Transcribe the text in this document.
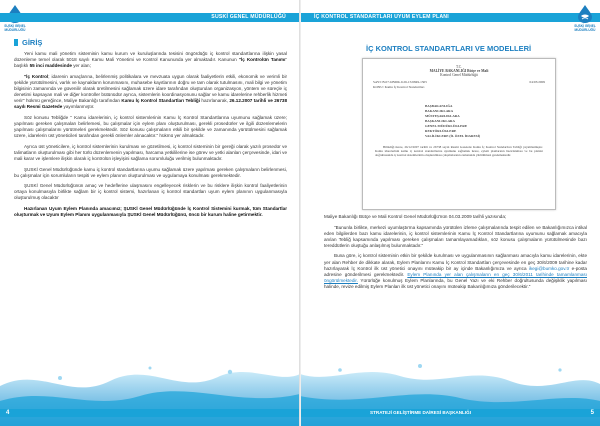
SUSKİ GENEL MÜDÜRLÜĞÜ
SUSKİ GENEL MÜDÜRLÜĞÜ
GİRİŞ

Yeni kamu mali yönetim sisteminin kamu kurum ve kuruluşlarında tesisini öngördüğü iç kontrol standartlarına ilişkin yasal düzenleme temel olarak 5018 sayılı Kamu Mali Yönetimi ve Kontrol Kanununda yer almaktadır. Kanunun "İç Kontrolün Tanımı" başlıklı 55 inci maddesinde yer alan;

"İç Kontrol; idarenin amaçlarına, belirlenmiş politikalara ve mevzuata uygun olarak faaliyetlerin etkili, ekonomik ve verimli bir şekilde yürütülmesini, varlık ve kaynakların korunmasını, muhasebe kayıtlarının doğru ve tam olarak tutulmasını, mali bilgi ve yönetim bilgisinin zamanında ve güvenilir olarak üretilmesini sağlamak üzere idare tarafından oluşturulan organizasyon, yöntem ve süreçle iç denetimi kapsayan mali ve diğer kontroller bütünüdür ayrıca, sistemlerin koordinasyonunu sağlar ve kamu idarelerine rehberlik hizmeti verir" hükmü gereğince, Maliye Bakanlığı tarafından Kamu İç Kontrol Standartları Tebliği hazırlanarak, 26.12.2007 tarihli ve 26738 sayılı Resmi Gazetede yayımlanmıştır.

Söz konusu Tebliğde " Kamu idarelerinin, iç kontrol sistemlerinin Kamu İç Kontrol Standartlarına uyumunu sağlamak üzere; yapılması gereken çalışmaları belirlemesi, bu çalışmalar için eylem planı oluşturulması, gerekli prosedürler ve ilgili düzenlemelerin yapılması çalışmalarını yürütmeleri gerekmektedir. Söz konusu çalışmaların etkili bir şekilde ve zamanında yürütülmesini sağlamak üzere, idarelerin üst yöneticileri tarafından gerekli önlemler alınacaktır." hükmü yer almaktadır.

Ayrıca üst yöneticilere, iç kontrol sistemlerinin kurulması ve gözetilmesi, iç kontrol sisteminin bir gereği olarak yazılı prosedür ve talimatların oluşturulması gibi her türlü düzenlemenin yapılması, harcama yetkililerine ise görev ve yetki alanları çerçevesinde, idari ve mali karar ve işlemlere ilişkin olarak iç kontrolün işleyişini sağlama sorumluluğu verilmiş bulunmaktadır.

ŞUSKİ Genel Müdürlüğünde kamu iç kontrol standartlarına uyumu sağlamak üzere yapılması gereken çalışmaların belirlenmesi, bu çalışmalar için sorumluların tespiti ve eylem planının oluşturulması ve uygulamaya konulması gerekmektedir.

ŞUSKİ Genel Müdürlüğünün amaç ve hedeflerine ulaşmasını engelleyecek risklerin ve bu risklere ilişkin kontrol faaliyetlerinin ortaya konulmasıyla birlikte sağlam bir iç kontrol sistemi, hazırlanan iç kontrol standartları uyum eylem planının uygulanmasıyla oluşturulmuş olacaktır

Hazırlanan Uyum Eylem Planında amacımız; ŞUSKİ Genel Müdürlüğünde İç Kontrol Sistemini kurmak, tüm Standartlar oluşturmak ve Uyum Eylem Planını uygulanmasıyla ŞUSKİ Genel Müdürlüğünü, öncü bir kurum haline getirmektir.

4
İÇ KONTROL STANDARTLARI UYUM EYLEM PLANI
SUSKİ GENEL MÜDÜRLÜĞÜ
İÇ KONTROL STANDARTLARI VE MODELLERİ
T.C.
MALİYE BAKANLIĞI Bütçe ve Mali
Kontrol Genel Müdürlüğü
SAYI: B.07.0.BMK.0.26-15/6849-1505	04/03/2009
KONU: Kamu İç Kontrol Standartları
BAŞBAKANLIĞA
BAKANLIKLARA
MÜSTEŞARLIKLARA
BAŞKANLIKLARA
GENEL MÜDÜRLÜKLERE
REKTÖRLÜKLERE
VALİLİKLERE (İL ÖZEL İDARESİ)
Bilindiği üzere, 26/12/2007 tarihli ve 26738 sayılı Resmi Gazetede Kamu İç Kontrol Standartları Tebliği yayımlanmıştır. Kamu idarelerinin kamu iç kontrol standartlarına uyumunu sağlamak üzere, eylem planlarının hazırlanması ve bu planlar doğrultusunda iç kontrol sistemlerinin oluşturulması çalışmalarının zamanında yürütülmesi gerekmektedir.

Maliye Bakanlığı Bütçe ve Mali Kontrol Genel Müdürlüğü'nün 04.03.2009 tarihli yazısında;

"Bununla birlikte, merkezi uyumlaştırma kapsamında yürütülen izleme çalışmalarında tespit edilen ve Bakanlığımızca intikal eden bilgilerden bazı kamu idarelerinin, iç kontrol sistemlerinin Kamu İç Kontrol Standartlarına uyumunu sağlamak amacıyla anılan Tebliğ kapsamında yapılması gereken çalışmaları tamamlayamadıkları, söz konusu çalışmaların yürütülmesinde bazı tereddütlerin oluştuğu anlaşılmış bulunmaktadır."

Buna göre, iç kontrol sisteminin etkin bir şekilde kurulması ve uygulanmasının sağlanması amacıyla kamu idarelerinin, ekte yer alan Rehber de dikkate alarak, Eylem Planlarını Kamu İç Kontrol Standartları çerçevesinde en geç 30/6/2009 tarihine kadar hazırlayarak İç Kontrol ilk üst yönetici onayını müteakip bir ay içinde Bakanlığımıza ve ayrıca ikegi@bumko.gov.tr e-posta adresine gönderilmesi gerekmektedir. Eylem Planında yer alan çalışmaların en geç 30/6/2011 tarihinde tamamlanması öngörülmektedir. Yürürlüğe konulmuş Eylem Planlarında, bu Genel Yazı ve eki Rehber doğrultusunda değişiklik yapılması halinde, revize edilmiş Eylem Planları ilk üst yönetici onayını müteakip Bakanlığımıza gönderilecektir."

STRATEJİ GELİŞTİRME DAİRESİ BAŞKANLIĞI	5
